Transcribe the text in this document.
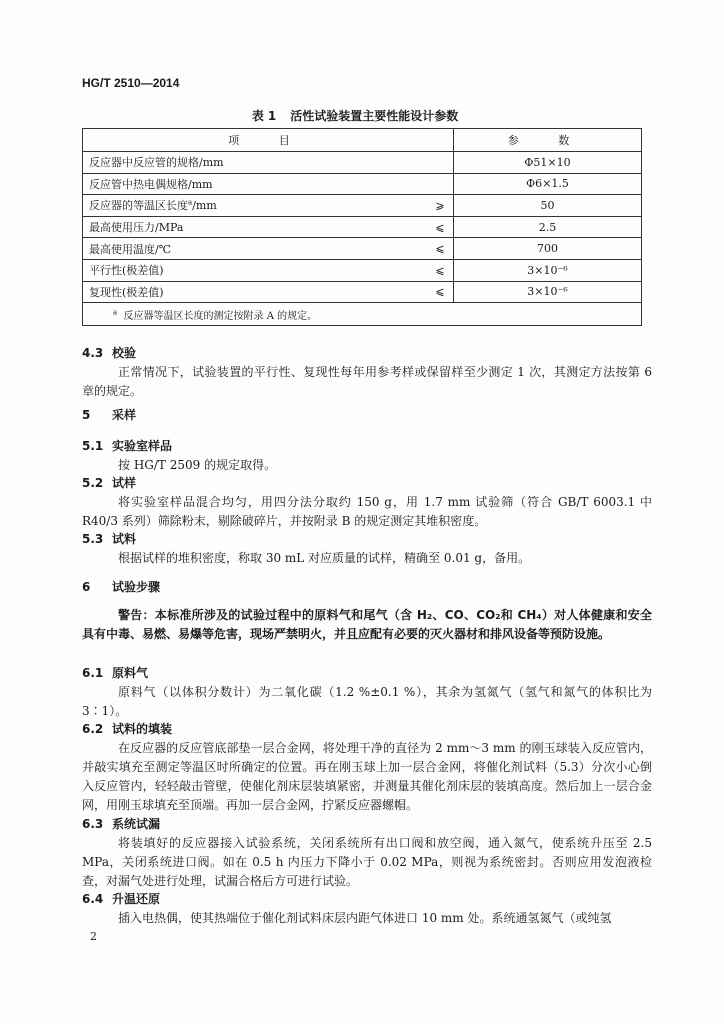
HG/T 2510—2014
表 1 活性试验装置主要性能设计参数
项 目		参 数
反应器中反应管的规格/mm		Φ51×10
反应管中热电偶规格/mm		Φ6×1.5
反应器的等温区长度$^a$/mm	⩾	50
最高使用压力/MPa	⩽	2.5
最高使用温度/℃	⩽	700
平行性(极差值)	⩽	3×10⁻⁶
复现性(极差值)	⩽	3×10⁻⁶
$^a$ 反应器等温区长度的测定按附录 A 的规定。		
4.3 校验
正常情况下，试验装置的平行性、复现性每年用参考样或保留样至少测定 1 次，其测定方法按第 6 章的规定。
5 采样
5.1 实验室样品
按 HG/T 2509 的规定取得。
5.2 试样
将实验室样品混合均匀，用四分法分取约 150 g，用 1.7 mm 试验筛（符合 GB/T 6003.1 中 R40/3 系列）筛除粉末，剔除破碎片，并按附录 B 的规定测定其堆积密度。
5.3 试料
根据试样的堆积密度，称取 30 mL 对应质量的试样，精确至 0.01 g，备用。
6 试验步骤
警告：本标准所涉及的试验过程中的原料气和尾气（含 H₂、CO、CO₂和 CH₄）对人体健康和安全具有中毒、易燃、易爆等危害，现场严禁明火，并且应配有必要的灭火器材和排风设备等预防设施。
6.1 原料气
原料气（以体积分数计）为二氧化碳（1.2 %±0.1 %），其余为氢氮气（氢气和氮气的体积比为 3∶1）。
6.2 试料的填装
在反应器的反应管底部垫一层合金网，将处理干净的直径为 2 mm～3 mm 的刚玉球装入反应管内，并敲实填充至测定等温区时所确定的位置。再在刚玉球上加一层合金网，将催化剂试料（5.3）分次小心倒入反应管内，轻轻敲击管壁，使催化剂床层装填紧密，并测量其催化剂床层的装填高度。然后加上一层合金网，用刚玉球填充至顶端。再加一层合金网，拧紧反应器螺帽。
6.3 系统试漏
将装填好的反应器接入试验系统，关闭系统所有出口阀和放空阀，通入氮气，使系统升压至 2.5 MPa，关闭系统进口阀。如在 0.5 h 内压力下降小于 0.02 MPa，则视为系统密封。否则应用发泡液检查，对漏气处进行处理，试漏合格后方可进行试验。
6.4 升温还原
插入电热偶，使其热端位于催化剂试料床层内距气体进口 10 mm 处。系统通氢氮气（或纯氢
2
